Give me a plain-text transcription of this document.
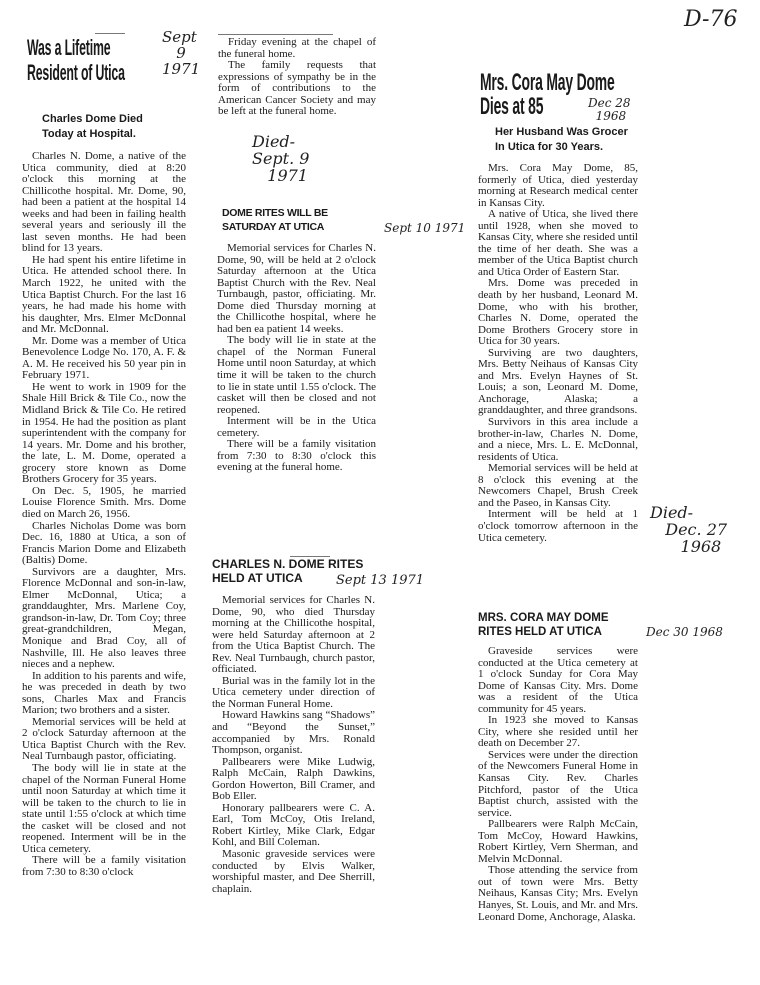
D-76
Was a Lifetime
Resident of Utica
Sept
9
1971
Charles Dome Died
Today at Hospital.

Charles N. Dome, a native of the Utica community, died at 8:20 o'clock this morning at the Chillicothe hospital. Mr. Dome, 90, had been a patient at the hospital 14 weeks and had been in failing health several years and seriously ill the last seven months. He had been blind for 13 years.

He had spent his entire lifetime in Utica. He attended school there. In March 1922, he united with the Utica Baptist Church. For the last 16 years, he had made his home with his daughter, Mrs. Elmer McDonnal and Mr. McDonnal.

Mr. Dome was a member of Utica Benevolence Lodge No. 170, A. F. & A. M. He received his 50 year pin in February 1971.

He went to work in 1909 for the Shale Hill Brick & Tile Co., now the Midland Brick & Tile Co. He retired in 1954. He had the position as plant superintendent with the company for 14 years. Mr. Dome and his brother, the late, L. M. Dome, operated a grocery store known as Dome Brothers Grocery for 35 years.

On Dec. 5, 1905, he married Louise Florence Smith. Mrs. Dome died on March 26, 1956.

Charles Nicholas Dome was born Dec. 16, 1880 at Utica, a son of Francis Marion Dome and Elizabeth (Baltis) Dome.

Survivors are a daughter, Mrs. Florence McDonnal and son-in-law, Elmer McDonnal, Utica; a granddaughter, Mrs. Marlene Coy, grandson-in-law, Dr. Tom Coy; three great-grandchildren, Megan, Monique and Brad Coy, all of Nashville, Ill. He also leaves three nieces and a nephew.

In addition to his parents and wife, he was preceded in death by two sons, Charles Max and Francis Marion; two brothers and a sister.

Memorial services will be held at 2 o'clock Saturday afternoon at the Utica Baptist Church with the Rev. Neal Turnbaugh pastor, officiating.

The body will lie in state at the chapel of the Norman Funeral Home until noon Saturday at which time it will be taken to the church to lie in state until 1:55 o'clock at which time the casket will be closed and not reopened. Interment will be in the Utica cemetery.

There will be a family visitation from 7:30 to 8:30 o'clock

Friday evening at the chapel of the funeral home.

The family requests that expressions of sympathy be in the form of contributions to the American Cancer Society and may be left at the funeral home.

Died-
Sept. 9
1971
DOME RITES WILL BE
SATURDAY AT UTICA	Sept 10 1971

Memorial services for Charles N. Dome, 90, will be held at 2 o'clock Saturday afternoon at the Utica Baptist Church with the Rev. Neal Turnbaugh, pastor, officiating. Mr. Dome died Thursday morning at the Chillicothe hospital, where he had ben ea patient 14 weeks.

The body will lie in state at the chapel of the Norman Funeral Home until noon Saturday, at which time it will be taken to the church to lie in state until 1.55 o'clock. The casket will then be closed and not reopened.

Interment will be in the Utica cemetery.

There will be a family visitation from 7:30 to 8:30 o'clock this evening at the funeral home.

CHARLES N. DOME RITES
HELD AT UTICA	Sept 13 1971

Memorial services for Charles N. Dome, 90, who died Thursday morning at the Chillicothe hospital, were held Saturday afternoon at 2 from the Utica Baptist Church. The Rev. Neal Turnbaugh, church pastor, officiated.

Burial was in the family lot in the Utica cemetery under direction of the Norman Funeral Home.

Howard Hawkins sang “Shadows” and “Beyond the Sunset,” accompanied by Mrs. Ronald Thompson, organist.

Pallbearers were Mike Ludwig, Ralph McCain, Ralph Dawkins, Gordon Howerton, Bill Cramer, and Bob Eller.

Honorary pallbearers were C. A. Earl, Tom McCoy, Otis Ireland, Robert Kirtley, Mike Clark, Edgar Kohl, and Bill Coleman.

Masonic graveside services were conducted by Elvis Walker, worshipful master, and Dee Sherrill, chaplain.

Mrs. Cora May Dome
Dies at 85	Dec 28
1968
Her Husband Was Grocer
In Utica for 30 Years.

Mrs. Cora May Dome, 85, formerly of Utica, died yesterday morning at Research medical center in Kansas City.

A native of Utica, she lived there until 1928, when she moved to Kansas City, where she resided until the time of her death. She was a member of the Utica Baptist church and Utica Order of Eastern Star.

Mrs. Dome was preceded in death by her husband, Leonard M. Dome, who with his brother, Charles N. Dome, operated the Dome Brothers Grocery store in Utica for 30 years.

Surviving are two daughters, Mrs. Betty Neihaus of Kansas City and Mrs. Evelyn Haynes of St. Louis; a son, Leonard M. Dome, Anchorage, Alaska; a granddaughter, and three grandsons.

Survivors in this area include a brother-in-law, Charles N. Dome, and a niece, Mrs. L. E. McDonnal, residents of Utica.

Memorial services will be held at 8 o'clock this evening at the Newcomers Chapel, Brush Creek and the Paseo, in Kansas City.

Interment will be held at 1 o'clock tomorrow afternoon in the Utica cemetery.

Died-
Dec. 27
1968
MRS. CORA MAY DOME
RITES HELD AT UTICA	Dec 30 1968

Graveside services were conducted at the Utica cemetery at 1 o'clock Sunday for Cora May Dome of Kansas City. Mrs. Dome was a resident of the Utica community for 45 years.

In 1923 she moved to Kansas City, where she resided until her death on December 27.

Services were under the direction of the Newcomers Funeral Home in Kansas City. Rev. Charles Pitchford, pastor of the Utica Baptist church, assisted with the service.

Pallbearers were Ralph McCain, Tom McCoy, Howard Hawkins, Robert Kirtley, Vern Sherman, and Melvin McDonnal.

Those attending the service from out of town were Mrs. Betty Neihaus, Kansas City; Mrs. Evelyn Hanyes, St. Louis, and Mr. and Mrs. Leonard Dome, Anchorage, Alaska.
